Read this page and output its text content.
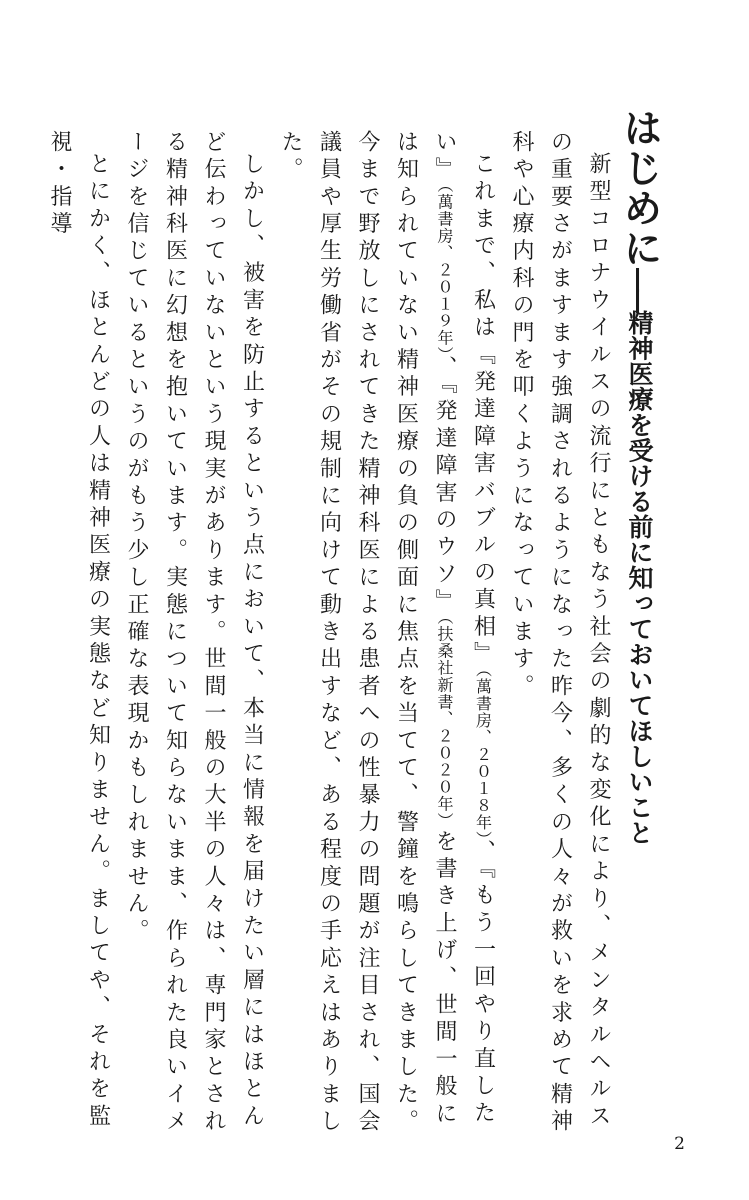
はじめに――精神医療を受ける前に知っておいてほしいこと

新型コロナウイルスの流行にともなう社会の劇的な変化により、メンタルヘルスの重要さがますます強調されるようになった昨今、多くの人々が救いを求めて精神科や心療内科の門を叩くようになっています。

これまで、私は『発達障害バブルの真相』（萬書房、２０１８年）、『もう一回やり直したい』（萬書房、２０１９年）、『発達障害のウソ』（扶桑社新書、２０２０年）を書き上げ、世間一般には知られていない精神医療の負の側面に焦点を当てて、警鐘を鳴らしてきました。今まで野放しにされてきた精神科医による患者への性暴力の問題が注目され、国会議員や厚生労働省がその規制に向けて動き出すなど、ある程度の手応えはありました。

しかし、被害を防止するという点において、本当に情報を届けたい層にはほとんど伝わっていないという現実があります。世間一般の大半の人々は、専門家とされる精神科医に幻想を抱いています。実態について知らないまま、作られた良いイメージを信じているというのがもう少し正確な表現かもしれません。

とにかく、ほとんどの人は精神医療の実態など知りません。ましてや、それを監視・指導

2
